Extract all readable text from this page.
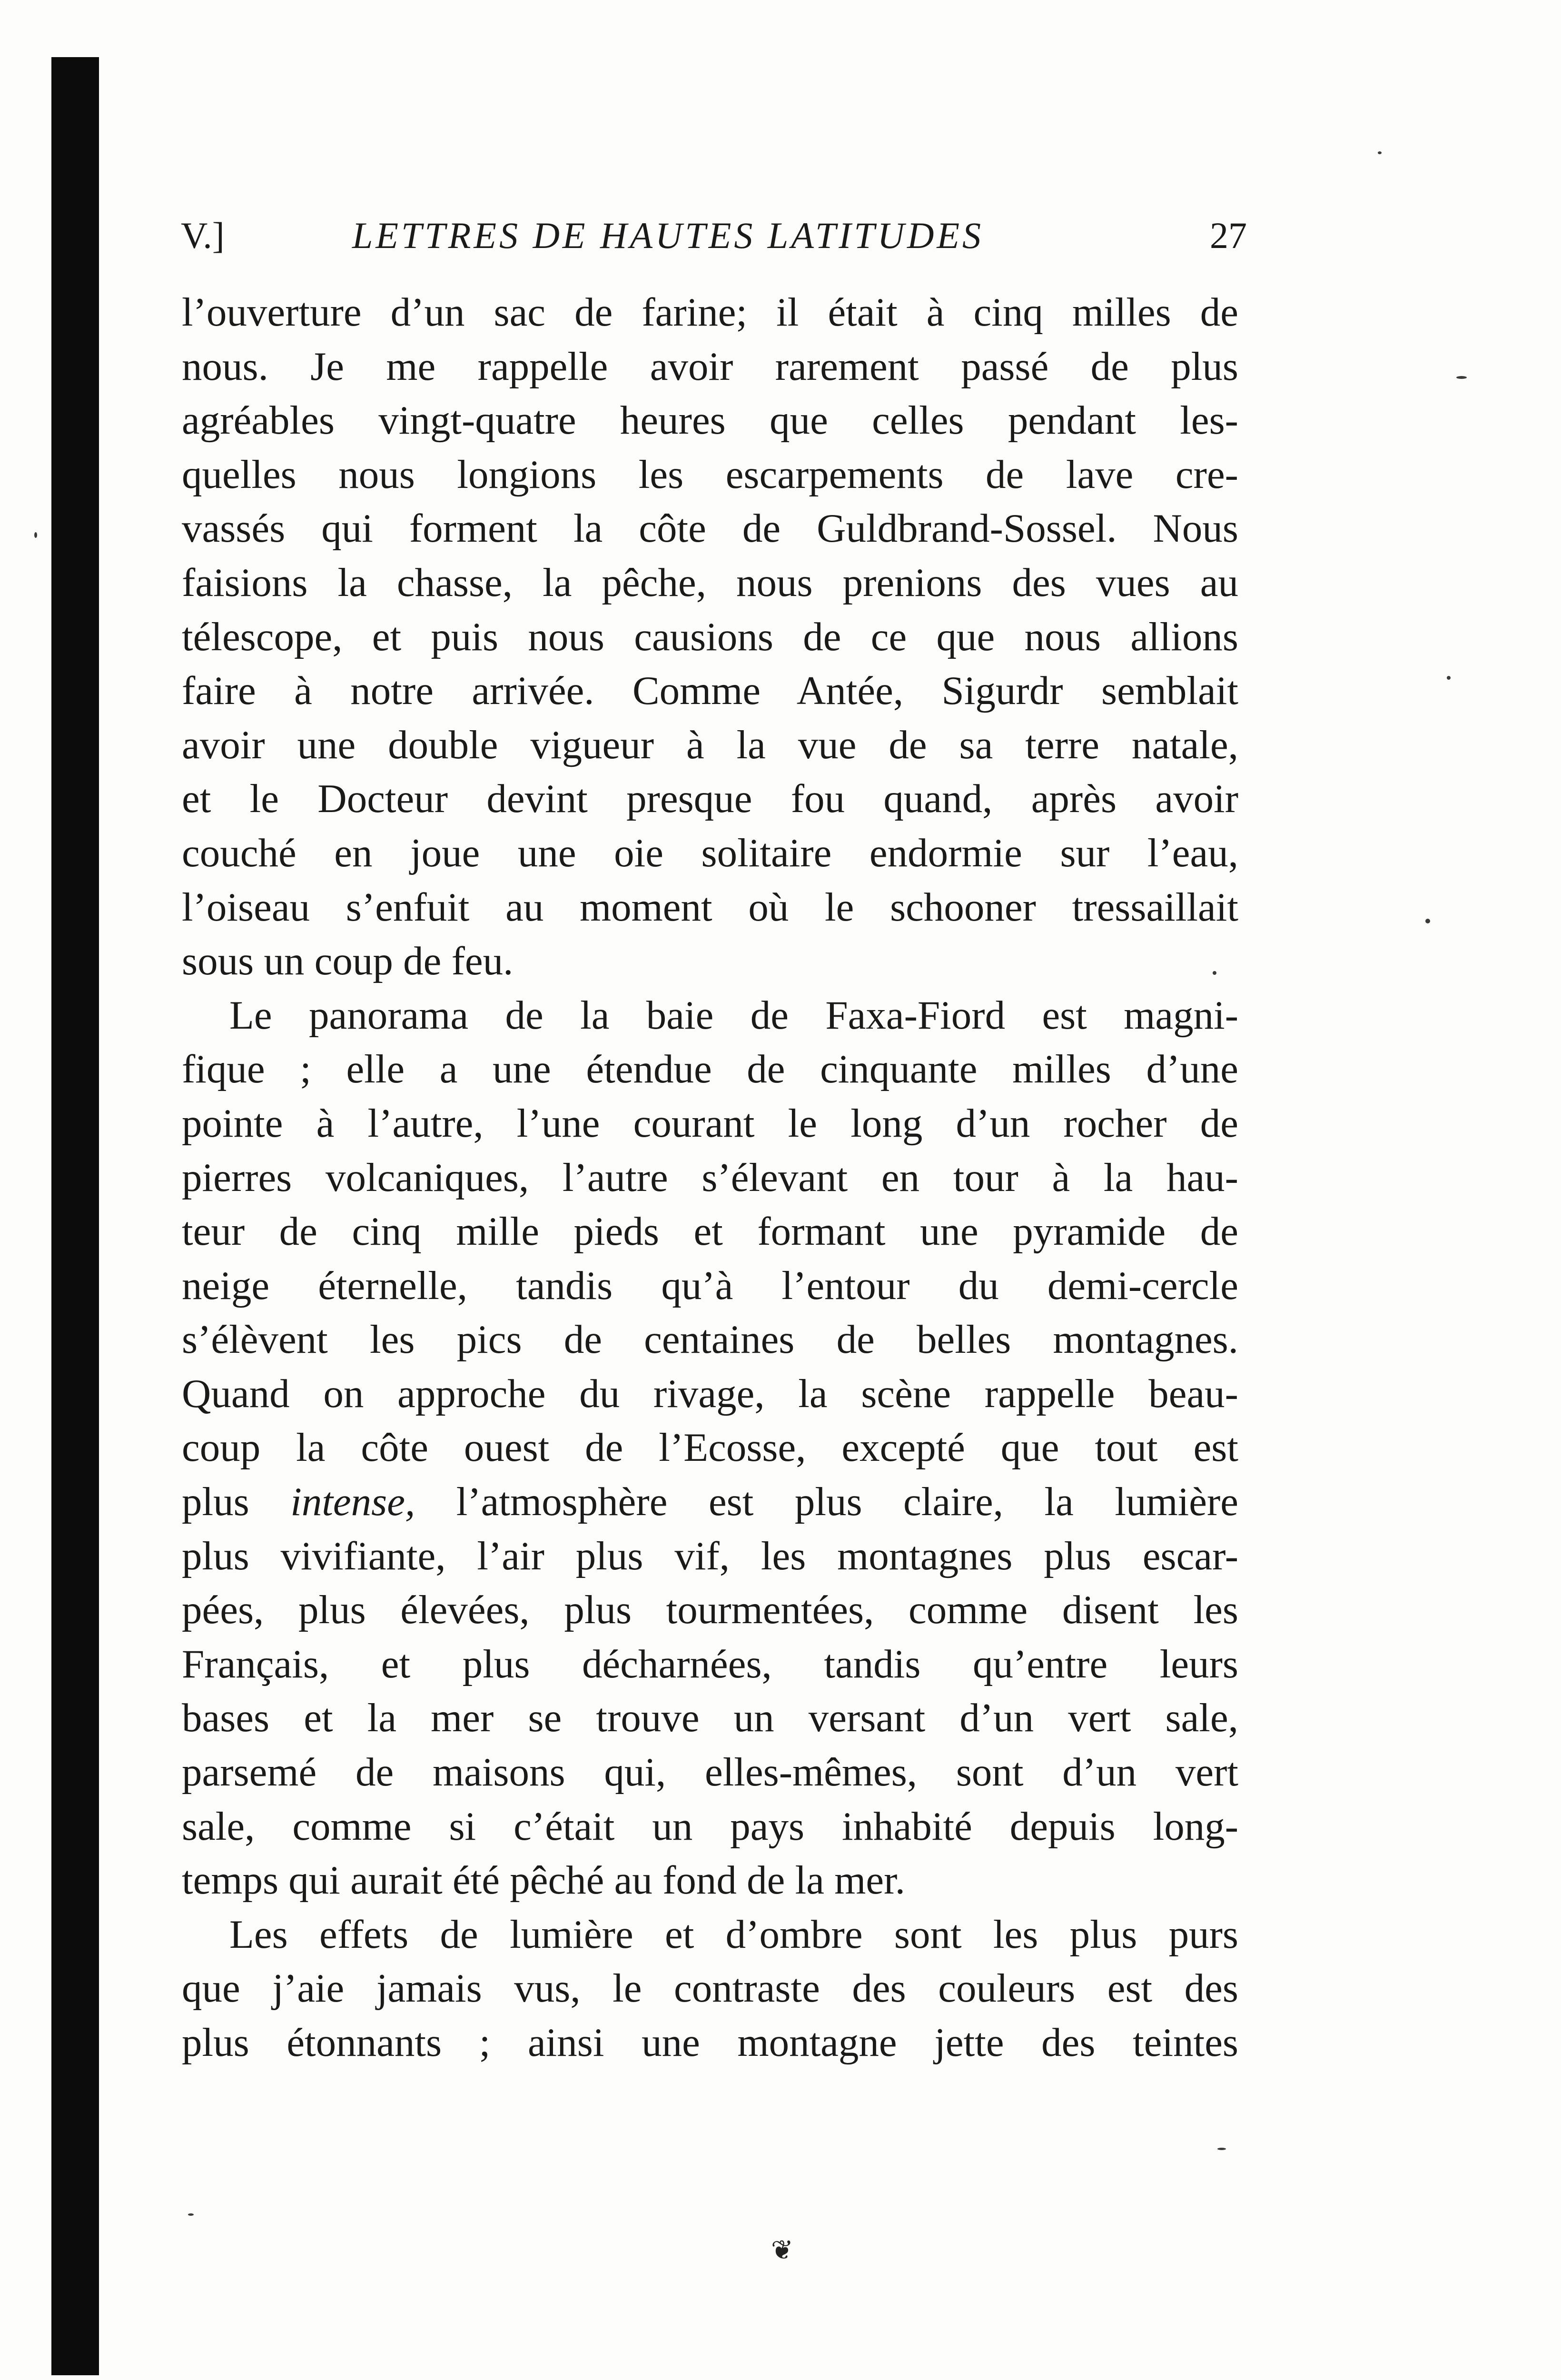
V.]	LETTRES DE HAUTES LATITUDES	27
l’ouverture d’un sac de farine; il était à cinq milles de
nous. Je me rappelle avoir rarement passé de plus
agréables vingt-quatre heures que celles pendant les-
quelles nous longions les escarpements de lave cre-
vassés qui forment la côte de Guldbrand-Sossel. Nous
faisions la chasse, la pêche, nous prenions des vues au
télescope, et puis nous causions de ce que nous allions
faire à notre arrivée. Comme Antée, Sigurdr semblait
avoir une double vigueur à la vue de sa terre natale,
et le Docteur devint presque fou quand, après avoir
couché en joue une oie solitaire endormie sur l’eau,
l’oiseau s’enfuit au moment où le schooner tressaillait
sous un coup de feu.
Le panorama de la baie de Faxa-Fiord est magni-
fique ; elle a une étendue de cinquante milles d’une
pointe à l’autre, l’une courant le long d’un rocher de
pierres volcaniques, l’autre s’élevant en tour à la hau-
teur de cinq mille pieds et formant une pyramide de
neige éternelle, tandis qu’à l’entour du demi-cercle
s’élèvent les pics de centaines de belles montagnes.
Quand on approche du rivage, la scène rappelle beau-
coup la côte ouest de l’Ecosse, excepté que tout est
plus intense, l’atmosphère est plus claire, la lumière
plus vivifiante, l’air plus vif, les montagnes plus escar-
pées, plus élevées, plus tourmentées, comme disent les
Français, et plus décharnées, tandis qu’entre leurs
bases et la mer se trouve un versant d’un vert sale,
parsemé de maisons qui, elles-mêmes, sont d’un vert
sale, comme si c’était un pays inhabité depuis long-
temps qui aurait été pêché au fond de la mer.
Les effets de lumière et d’ombre sont les plus purs
que j’aie jamais vus, le contraste des couleurs est des
plus étonnants ; ainsi une montagne jette des teintes
❦
